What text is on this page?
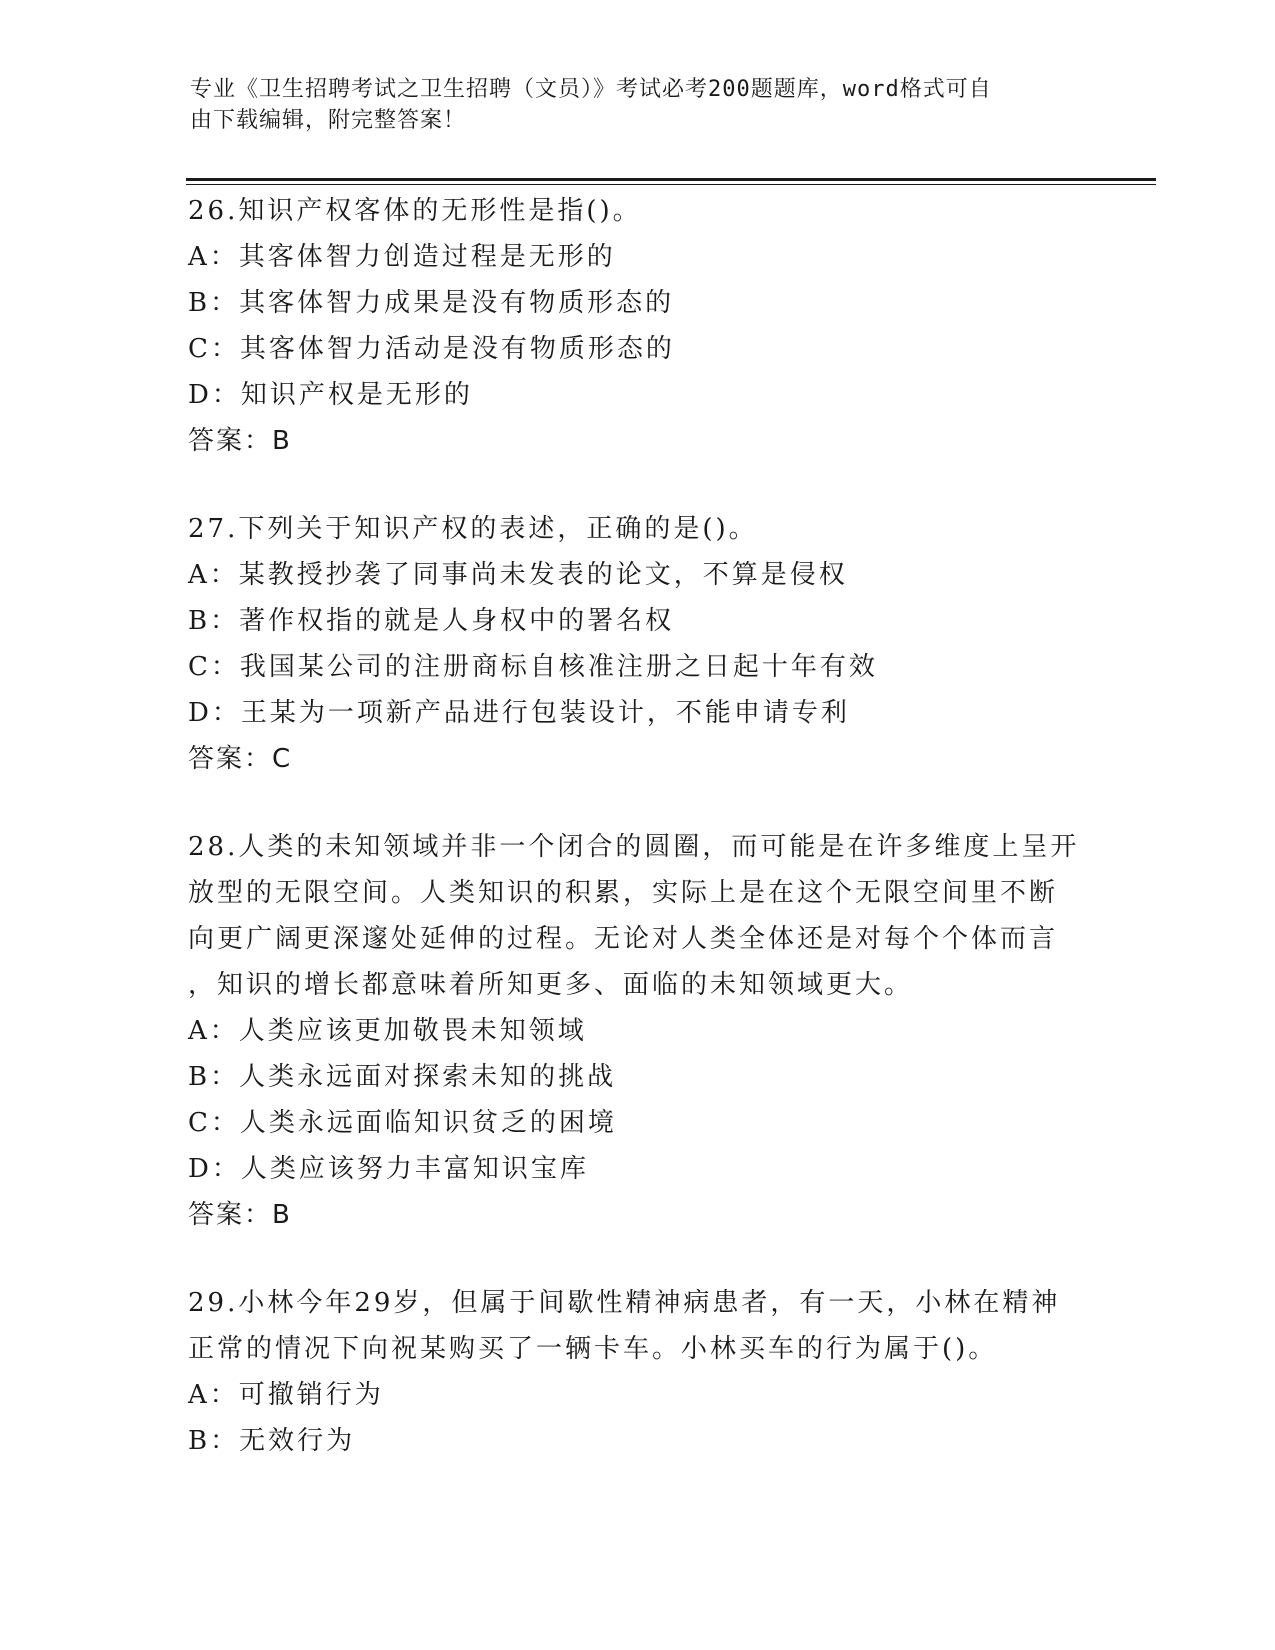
专业《卫生招聘考试之卫生招聘（文员）》考试必考200题题库，word格式可自
由下载编辑，附完整答案！

26.知识产权客体的无形性是指()。

A：其客体智力创造过程是无形的

B：其客体智力成果是没有物质形态的

C：其客体智力活动是没有物质形态的

D：知识产权是无形的

答案：B

27.下列关于知识产权的表述，正确的是()。

A：某教授抄袭了同事尚未发表的论文，不算是侵权

B：著作权指的就是人身权中的署名权

C：我国某公司的注册商标自核准注册之日起十年有效

D：王某为一项新产品进行包装设计，不能申请专利

答案：C

28.人类的未知领域并非一个闭合的圆圈，而可能是在许多维度上呈开

放型的无限空间。人类知识的积累，实际上是在这个无限空间里不断

向更广阔更深邃处延伸的过程。无论对人类全体还是对每个个体而言

，知识的增长都意味着所知更多、面临的未知领域更大。

A：人类应该更加敬畏未知领域

B：人类永远面对探索未知的挑战

C：人类永远面临知识贫乏的困境

D：人类应该努力丰富知识宝库

答案：B

29.小林今年29岁，但属于间歇性精神病患者，有一天，小林在精神

正常的情况下向祝某购买了一辆卡车。小林买车的行为属于()。

A：可撤销行为

B：无效行为
